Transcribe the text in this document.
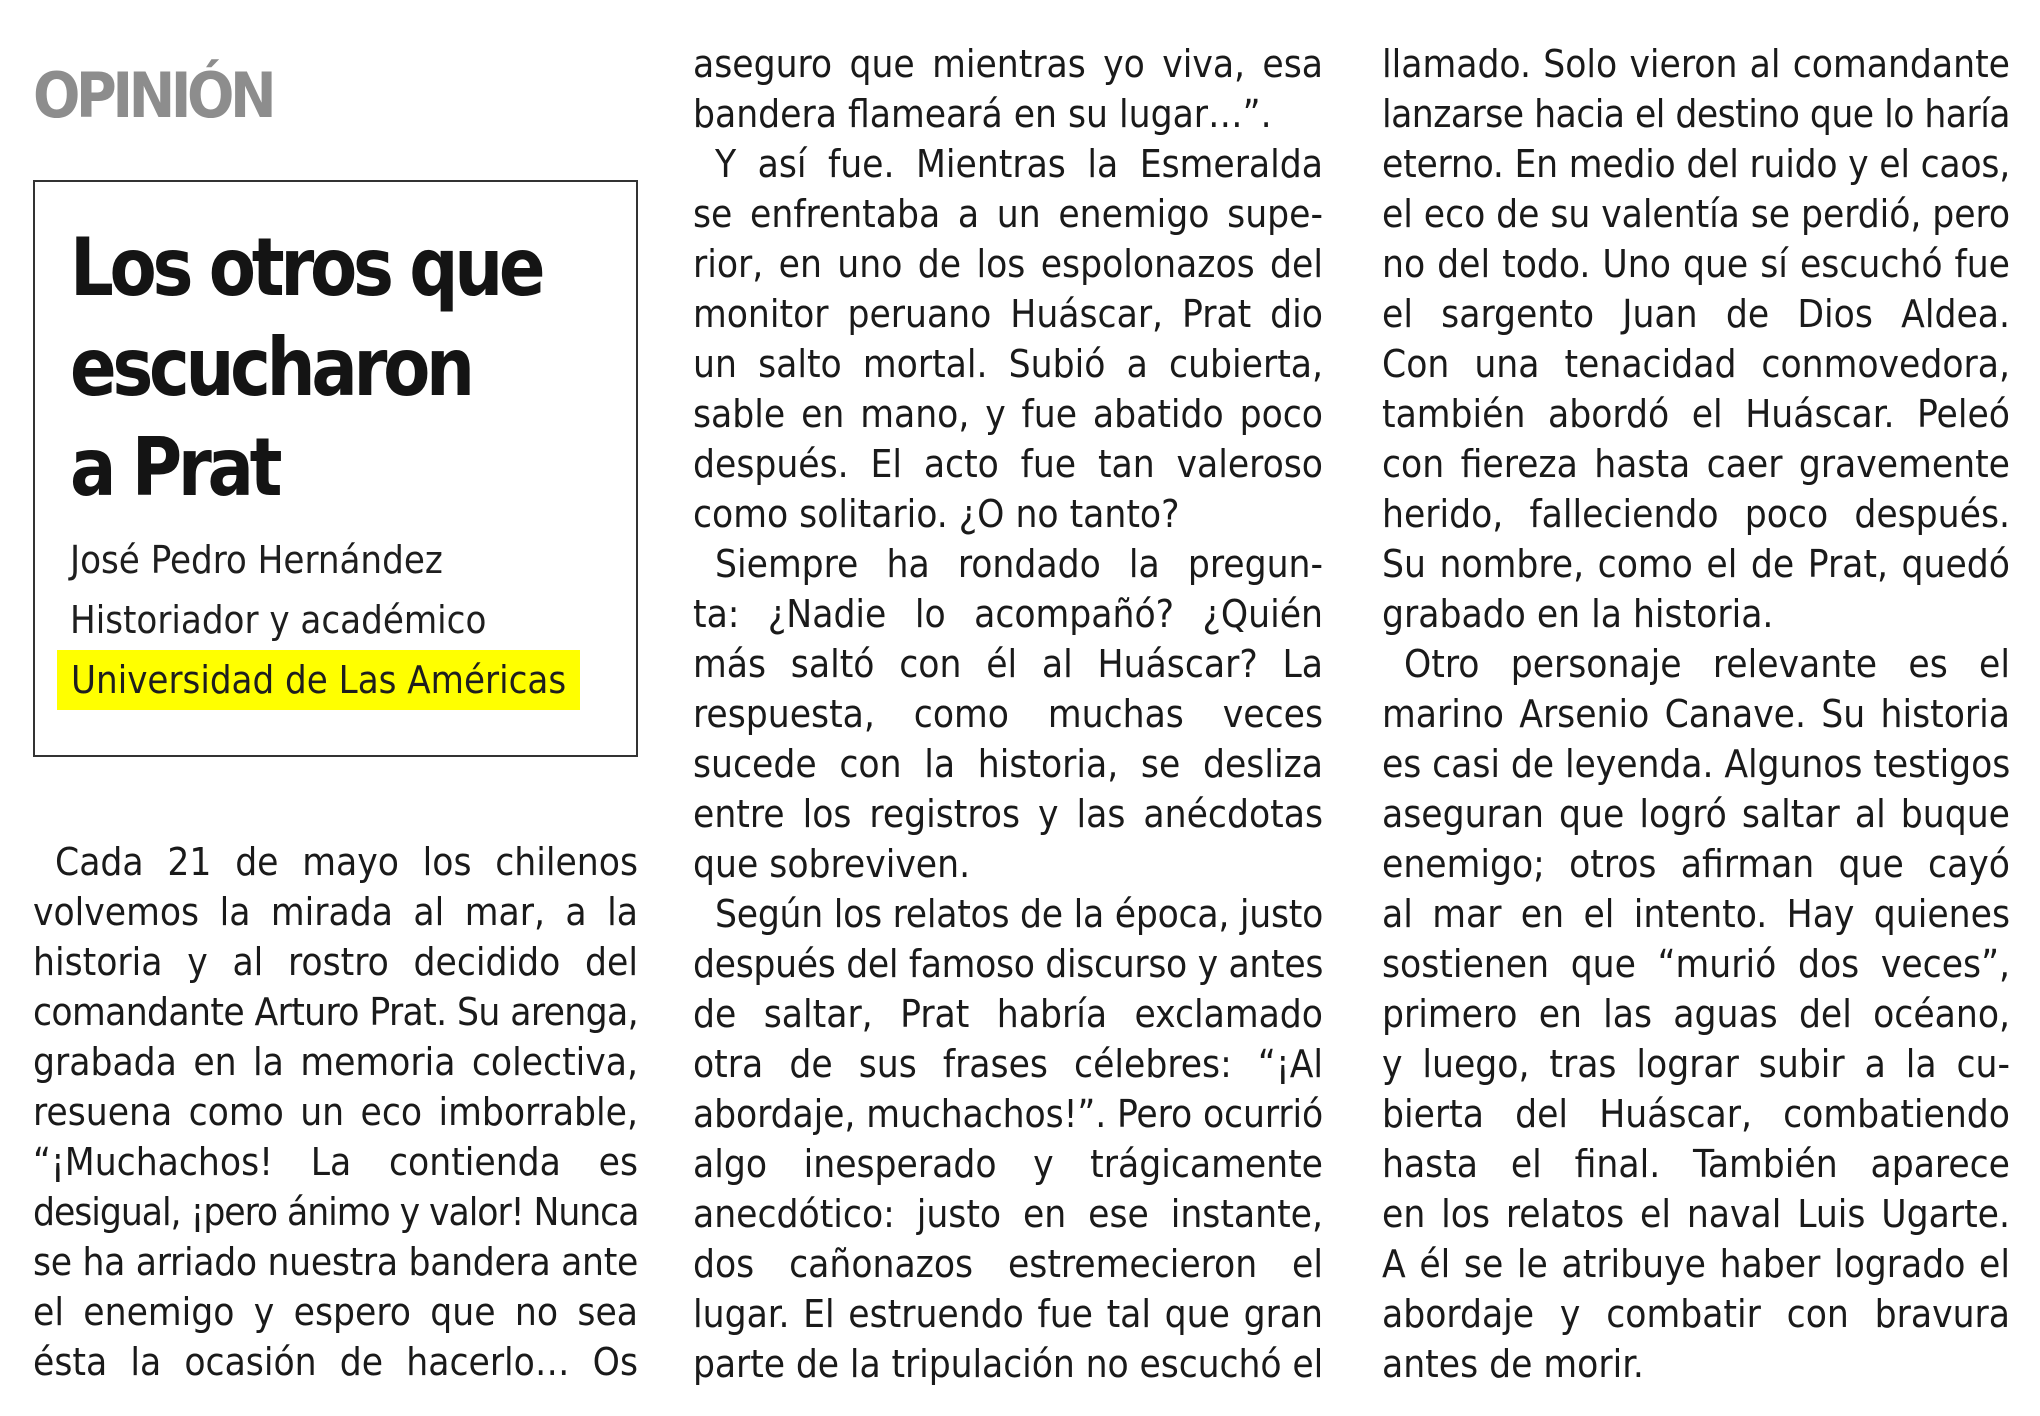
OPINIÓN
Los otros que
escucharon
a Prat
José Pedro Hernández
Historiador y académico
Universidad de Las Américas
Cada 21 de mayo los chilenos
volvemos la mirada al mar, a la
historia y al rostro decidido del
comandante Arturo Prat. Su arenga,
grabada en la memoria colectiva,
resuena como un eco imborrable,
“¡Muchachos! La contienda es
desigual, ¡pero ánimo y valor! Nunca
se ha arriado nuestra bandera ante
el enemigo y espero que no sea
ésta la ocasión de hacerlo… Os
aseguro que mientras yo viva, esa
bandera flameará en su lugar…”.
Y así fue. Mientras la Esmeralda
se enfrentaba a un enemigo supe-
rior, en uno de los espolonazos del
monitor peruano Huáscar, Prat dio
un salto mortal. Subió a cubierta,
sable en mano, y fue abatido poco
después. El acto fue tan valeroso
como solitario. ¿O no tanto?
Siempre ha rondado la pregun-
ta: ¿Nadie lo acompañó? ¿Quién
más saltó con él al Huáscar? La
respuesta, como muchas veces
sucede con la historia, se desliza
entre los registros y las anécdotas
que sobreviven.
Según los relatos de la época, justo
después del famoso discurso y antes
de saltar, Prat habría exclamado
otra de sus frases célebres: “¡Al
abordaje, muchachos!”. Pero ocurrió
algo inesperado y trágicamente
anecdótico: justo en ese instante,
dos cañonazos estremecieron el
lugar. El estruendo fue tal que gran
parte de la tripulación no escuchó el
llamado. Solo vieron al comandante
lanzarse hacia el destino que lo haría
eterno. En medio del ruido y el caos,
el eco de su valentía se perdió, pero
no del todo. Uno que sí escuchó fue
el sargento Juan de Dios Aldea.
Con una tenacidad conmovedora,
también abordó el Huáscar. Peleó
con fiereza hasta caer gravemente
herido, falleciendo poco después.
Su nombre, como el de Prat, quedó
grabado en la historia.
Otro personaje relevante es el
marino Arsenio Canave. Su historia
es casi de leyenda. Algunos testigos
aseguran que logró saltar al buque
enemigo; otros afirman que cayó
al mar en el intento. Hay quienes
sostienen que “murió dos veces”,
primero en las aguas del océano,
y luego, tras lograr subir a la cu-
bierta del Huáscar, combatiendo
hasta el final. También aparece
en los relatos el naval Luis Ugarte.
A él se le atribuye haber logrado el
abordaje y combatir con bravura
antes de morir.
